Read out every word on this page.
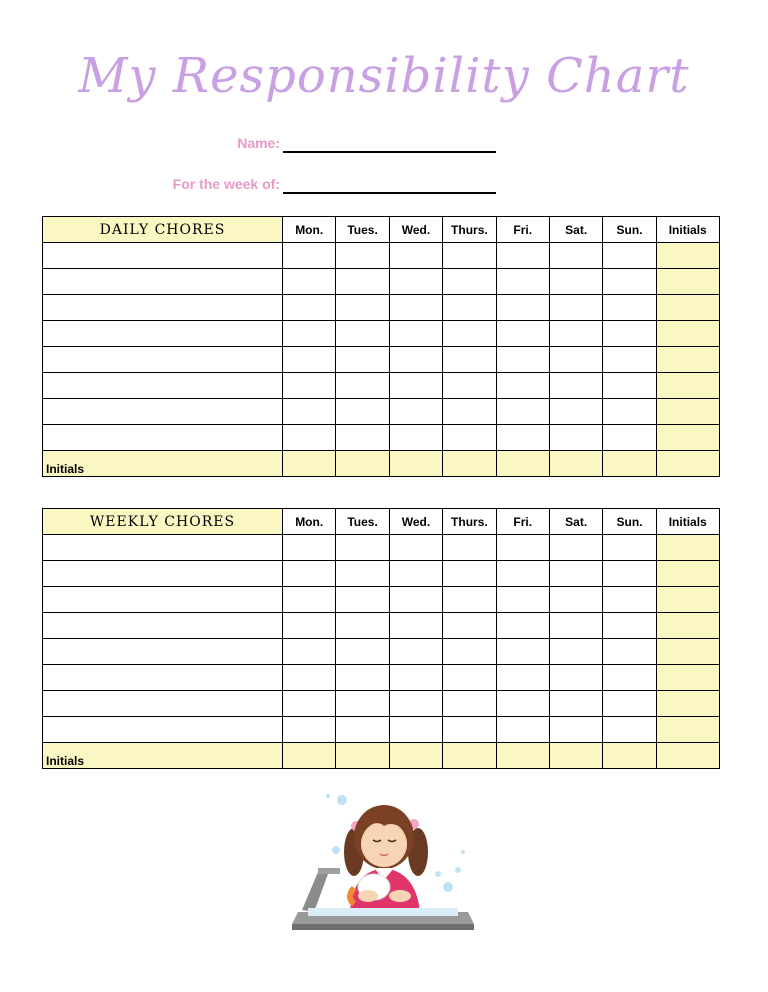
My Responsibility Chart
Name:
For the week of:
DAILY CHORES	Mon.	Tues.	Wed.	Thurs.	Fri.	Sat.	Sun.	Initials

Initials								
WEEKLY CHORES	Mon.	Tues.	Wed.	Thurs.	Fri.	Sat.	Sun.	Initials

Initials								
